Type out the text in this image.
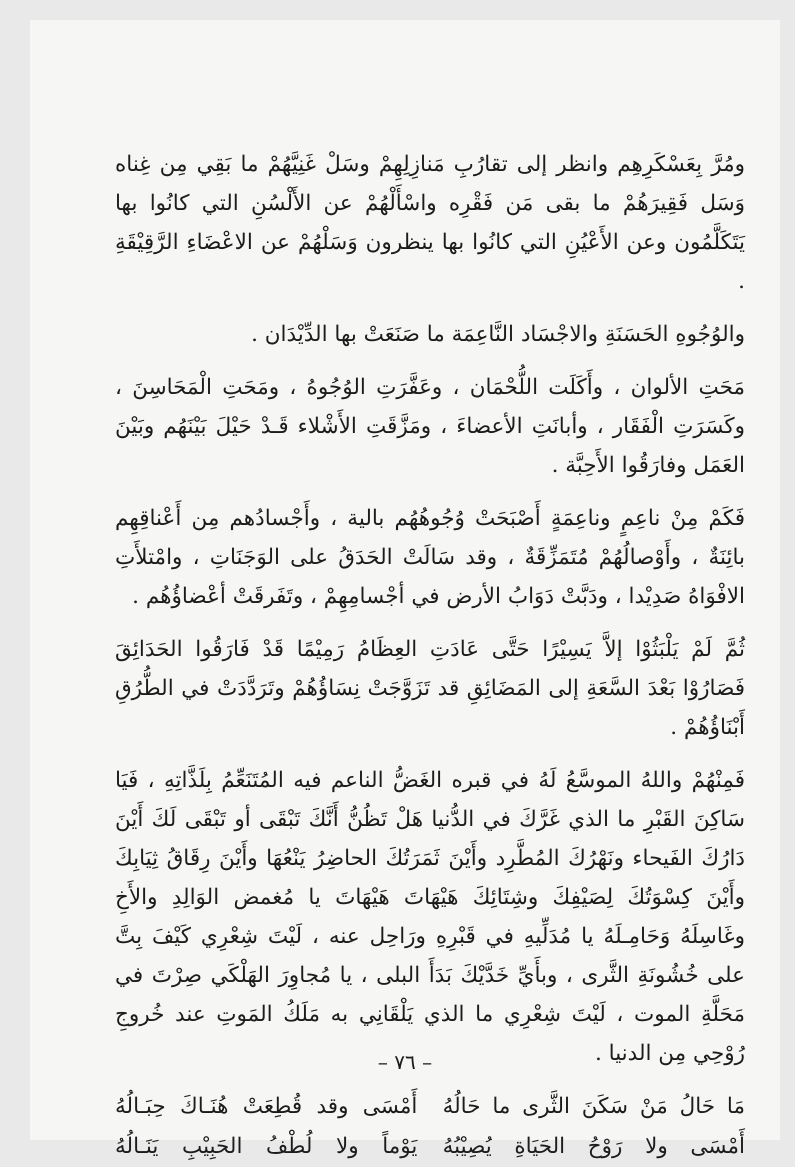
ومُرَّ بِعَسْكَرِهِم وانظر إلى تقارُبِ مَنازِلِهِمْ وسَلْ غَنِيَّهُمْ ما بَقِي مِن غِناه وَسَل فَقِيرَهُمْ ما بقى مَن فَقْرِه واسْأَلْهُمْ عن الأَلْسُنِ التي كانُوا بها يَتَكَلَّمُون وعن الأَعْيُنِ التي كانُوا بها ينظرون وَسَلْهُمْ عن الاعْضَاءِ الرَّقِيْقَةِ .

والوُجُوهِ الحَسَنَةِ والاجْسَاد النَّاعِمَة ما صَنَعَتْ بها الدِّيْدَان .

مَحَتِ الألوان ، وأَكَلَت اللُّحْمَان ، وعَفَّرَتِ الوُجُوهُ ، ومَحَتِ الْمَحَاسِنَ ، وكَسَرَتِ الْفَقَار ، وأبانَتِ الأعضاءَ ، ومَزَّقَتِ الأَشْلاء قَـدْ حَيْلَ بَيْنَهُم وبَيْنَ العَمَل وفارَقُوا الأَحِبَّة .

فَكَمْ مِنْ ناعِمٍ وناعِمَةٍ أَصْبَحَتْ وُجُوهُهُم بالية ، وأَجْسادُهم مِن أَعْناقِهِم بائِنَةٌ ، وأَوْصالُهُمْ مُتَمَزِّقَةٌ ، وقد سَالَتْ الحَدَقُ على الوَجَنَاتِ ، وامْتلأَتِ الافْوَاهُ صَدِيْدا ، ودَبَّتْ دَوَابُ الأرض في أجْسامِهِمْ ، وتَفَرقَتْ أعْضاؤُهُم .

ثُمَّ لَمْ يَلْبَثُوْا إلاَّ يَسِيْرًا حَتَّى عَادَتِ العِظَامُ رَمِيْمًا قَدْ فَارَقُوا الحَدَائِقَ فَصَارُوْا بَعْدَ السَّعَةِ إلى المَضَائِقِ قد تَزَوَّجَتْ نِسَاؤُهُمْ وتَرَدَّدَتْ في الطُّرُقِ أَبْنَاؤُهُمْ .

فَمِنْهُمْ واللهُ الموسَّعُ لَهُ في قبره الغَضُّ الناعم فيه المُتَنَعِّمُ بِلَذَّاتِهِ ، فَيَا سَاكِنَ القَبْرِ ما الذي غَرَّكَ في الدُّنيا هَلْ تَظُنُّ أَنَّكَ تَبْقَى أو تَبْقَى لَكَ أَيْنَ دَارُكَ الفَيحاء ونَهْرُكَ المُطَّرِد وأَيْنَ ثَمَرَتُكَ الحاضِرُ يَنْعُهَا وأَيْنَ رِقَاقُ ثِيَابِكَ وأَيْنَ كِسْوَتُكَ لِصَيْفِكَ وشِتَائِكَ هَيْهَاتَ هَيْهَاتَ يا مُغمض الوَالِدِ والأَخِ وغَاسِلَهُ وَحَامِـلَهُ يا مُدَلِّيهِ في قَبْرِهِ ورَاحِل عنه ، لَيْتَ شِعْرِي كَيْفَ بِتَّ على خُشُونَةِ الثَّرى ، وبأَيِّ خَدَّيْكَ بَدَأَ البلى ، يا مُجاوِرَ الهَلْكَي صِرْتَ في مَحَلَّةِ الموت ، لَيْتَ شِعْرِي ما الذي يَلْقَانِي به مَلَكُ المَوتِ عند خُروجِ رُوْحِي مِن الدنيا .

مَا حَالُ مَنْ سَكَنَ الثَّرى ما حَالُهُ
أَمْسَى وقد قُطِعَتْ هُنَـاكَ حِبَـالُهُ
أَمْسَى ولا رَوْحُ الحَيَاةِ يُصِيْبُهُ
يَوْماً ولا لُطْفُ الحَبِيْبِ يَنَـالُهُ
– ٧٦ –
